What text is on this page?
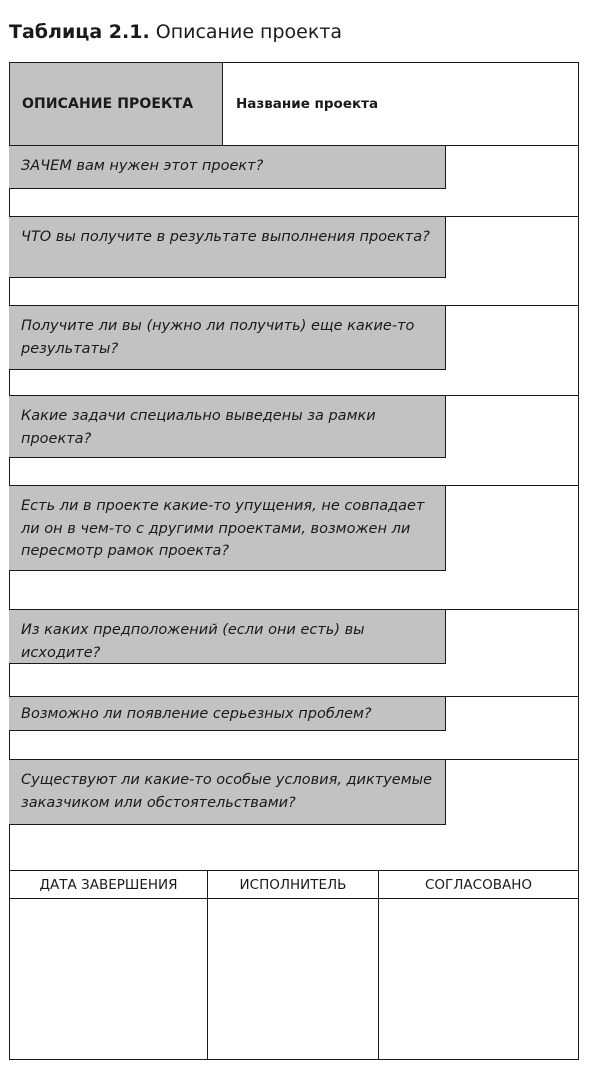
Таблица 2.1. Описание проекта
ОПИСАНИЕ ПРОЕКТА	Название проекта
ЗАЧЕМ вам нужен этот проект?
ЧТО вы получите в результате выполнения проекта?
Получите ли вы (нужно ли получить) еще какие-то результаты?
Какие задачи специально выведены за рамки проекта?
Есть ли в проекте какие-то упущения, не совпадает ли он в чем-то с другими проектами, возможен ли пересмотр рамок проекта?
Из каких предположений (если они есть) вы исходите?
Возможно ли появление серьезных проблем?
Существуют ли какие-то особые условия, диктуемые заказчиком или обстоятельствами?
ДАТА ЗАВЕРШЕНИЯ	ИСПОЛНИТЕЛЬ	СОГЛАСОВАНО
